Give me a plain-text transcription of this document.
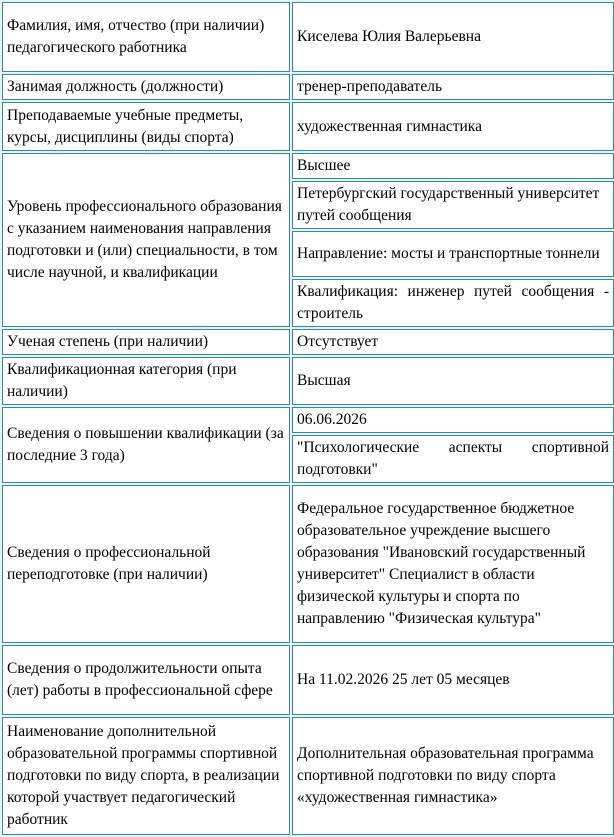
Фамилия, имя, отчество (при наличии) педагогического работника	Киселева Юлия Валерьевна
Занимая должность (должности)	тренер-преподаватель
Преподаваемые учебные предметы, курсы, дисциплины (виды спорта)	художественная гимнастика
Уровень профессионального образования с указанием наименования направления подготовки и (или) специальности, в том числе научной, и квалификации	Высшее
	Петербургский государственный университет путей сообщения
	Направление: мосты и транспортные тоннели
	Квалификация: инженер путей сообщения - строитель
Ученая степень (при наличии)	Отсутствует
Квалификационная категория (при наличии)	Высшая
Сведения о повышении квалификации (за последние 3 года)	06.06.2026
	"Психологические аспекты спортивной подготовки"
Сведения о профессиональной переподготовке (при наличии)	Федеральное государственное бюджетное образовательное учреждение высшего образования "Ивановский государственный университет" Специалист в области физической культуры и спорта по направлению "Физическая культура"
Сведения о продолжительности опыта (лет) работы в профессиональной сфере	На 11.02.2026 25 лет 05 месяцев
Наименование дополнительной образовательной программы спортивной подготовки по виду спорта, в реализации которой участвует педагогический работник	Дополнительная образовательная программа спортивной подготовки по виду спорта «художественная гимнастика»
